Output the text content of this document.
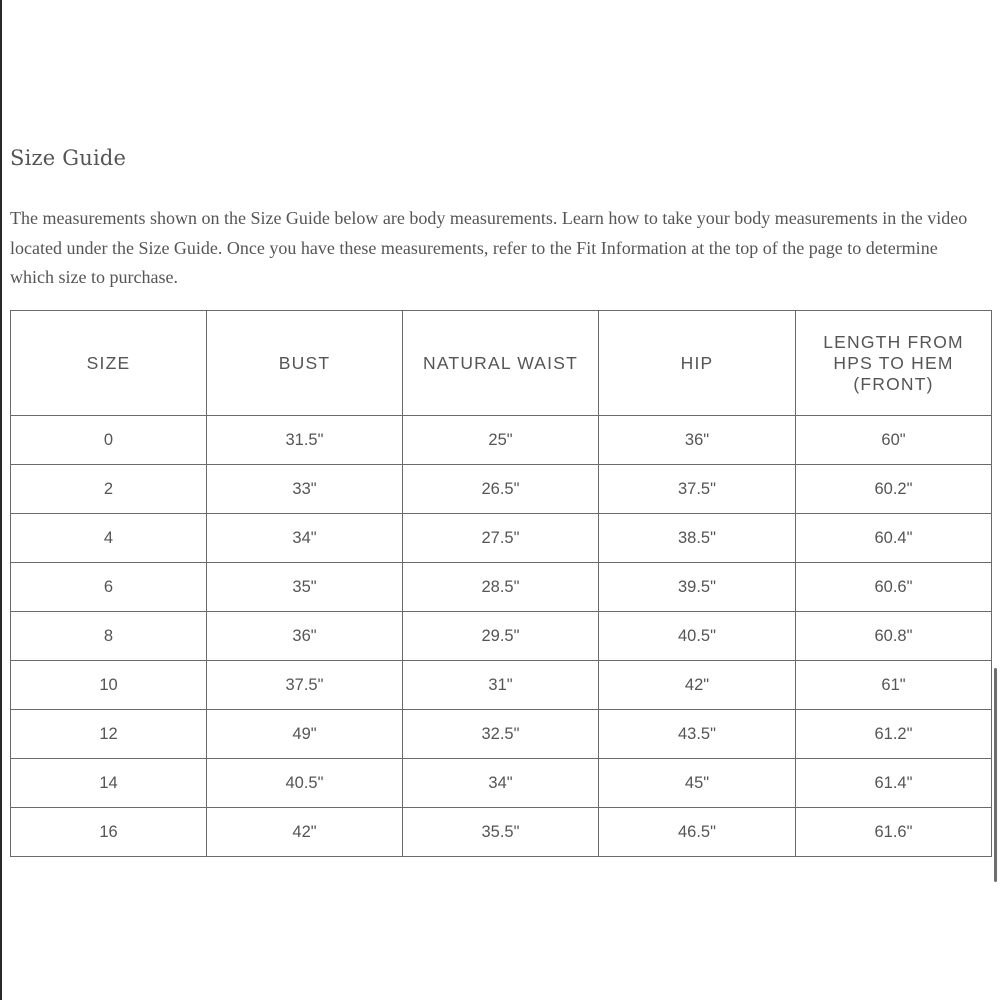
Size Guide

The measurements shown on the Size Guide below are body measurements. Learn how to take your body measurements in the video located under the Size Guide. Once you have these measurements, refer to the Fit Information at the top of the page to determine which size to purchase.

SIZE	BUST	NATURAL WAIST	HIP	LENGTH FROM HPS TO HEM (FRONT)
0	31.5"	25"	36"	60"
2	33"	26.5"	37.5"	60.2"
4	34"	27.5"	38.5"	60.4"
6	35"	28.5"	39.5"	60.6"
8	36"	29.5"	40.5"	60.8"
10	37.5"	31"	42"	61"
12	49"	32.5"	43.5"	61.2"
14	40.5"	34"	45"	61.4"
16	42"	35.5"	46.5"	61.6"
